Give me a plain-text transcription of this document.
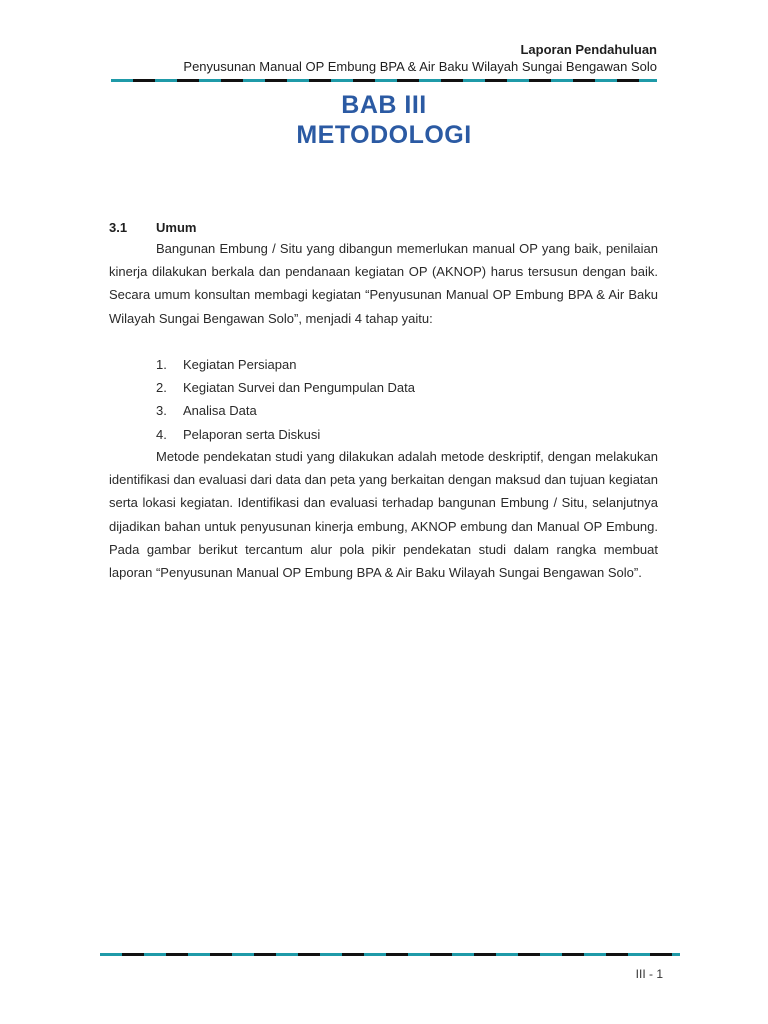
Laporan Pendahuluan
Penyusunan Manual OP Embung BPA & Air Baku Wilayah Sungai Bengawan Solo
BAB III
METODOLOGI
3.1 Umum
Bangunan Embung / Situ yang dibangun memerlukan manual OP yang baik, penilaian kinerja dilakukan berkala dan pendanaan kegiatan OP (AKNOP) harus tersusun dengan baik. Secara umum konsultan membagi kegiatan “Penyusunan Manual OP Embung BPA & Air Baku Wilayah Sungai Bengawan Solo”, menjadi 4 tahap yaitu:
1. Kegiatan Persiapan
2. Kegiatan Survei dan Pengumpulan Data
3. Analisa Data
4. Pelaporan serta Diskusi
Metode pendekatan studi yang dilakukan adalah metode deskriptif, dengan melakukan identifikasi dan evaluasi dari data dan peta yang berkaitan dengan maksud dan tujuan kegiatan serta lokasi kegiatan. Identifikasi dan evaluasi terhadap bangunan Embung / Situ, selanjutnya dijadikan bahan untuk penyusunan kinerja embung, AKNOP embung dan Manual OP Embung. Pada gambar berikut tercantum alur pola pikir pendekatan studi dalam rangka membuat laporan “Penyusunan Manual OP Embung BPA & Air Baku Wilayah Sungai Bengawan Solo”.
III - 1
